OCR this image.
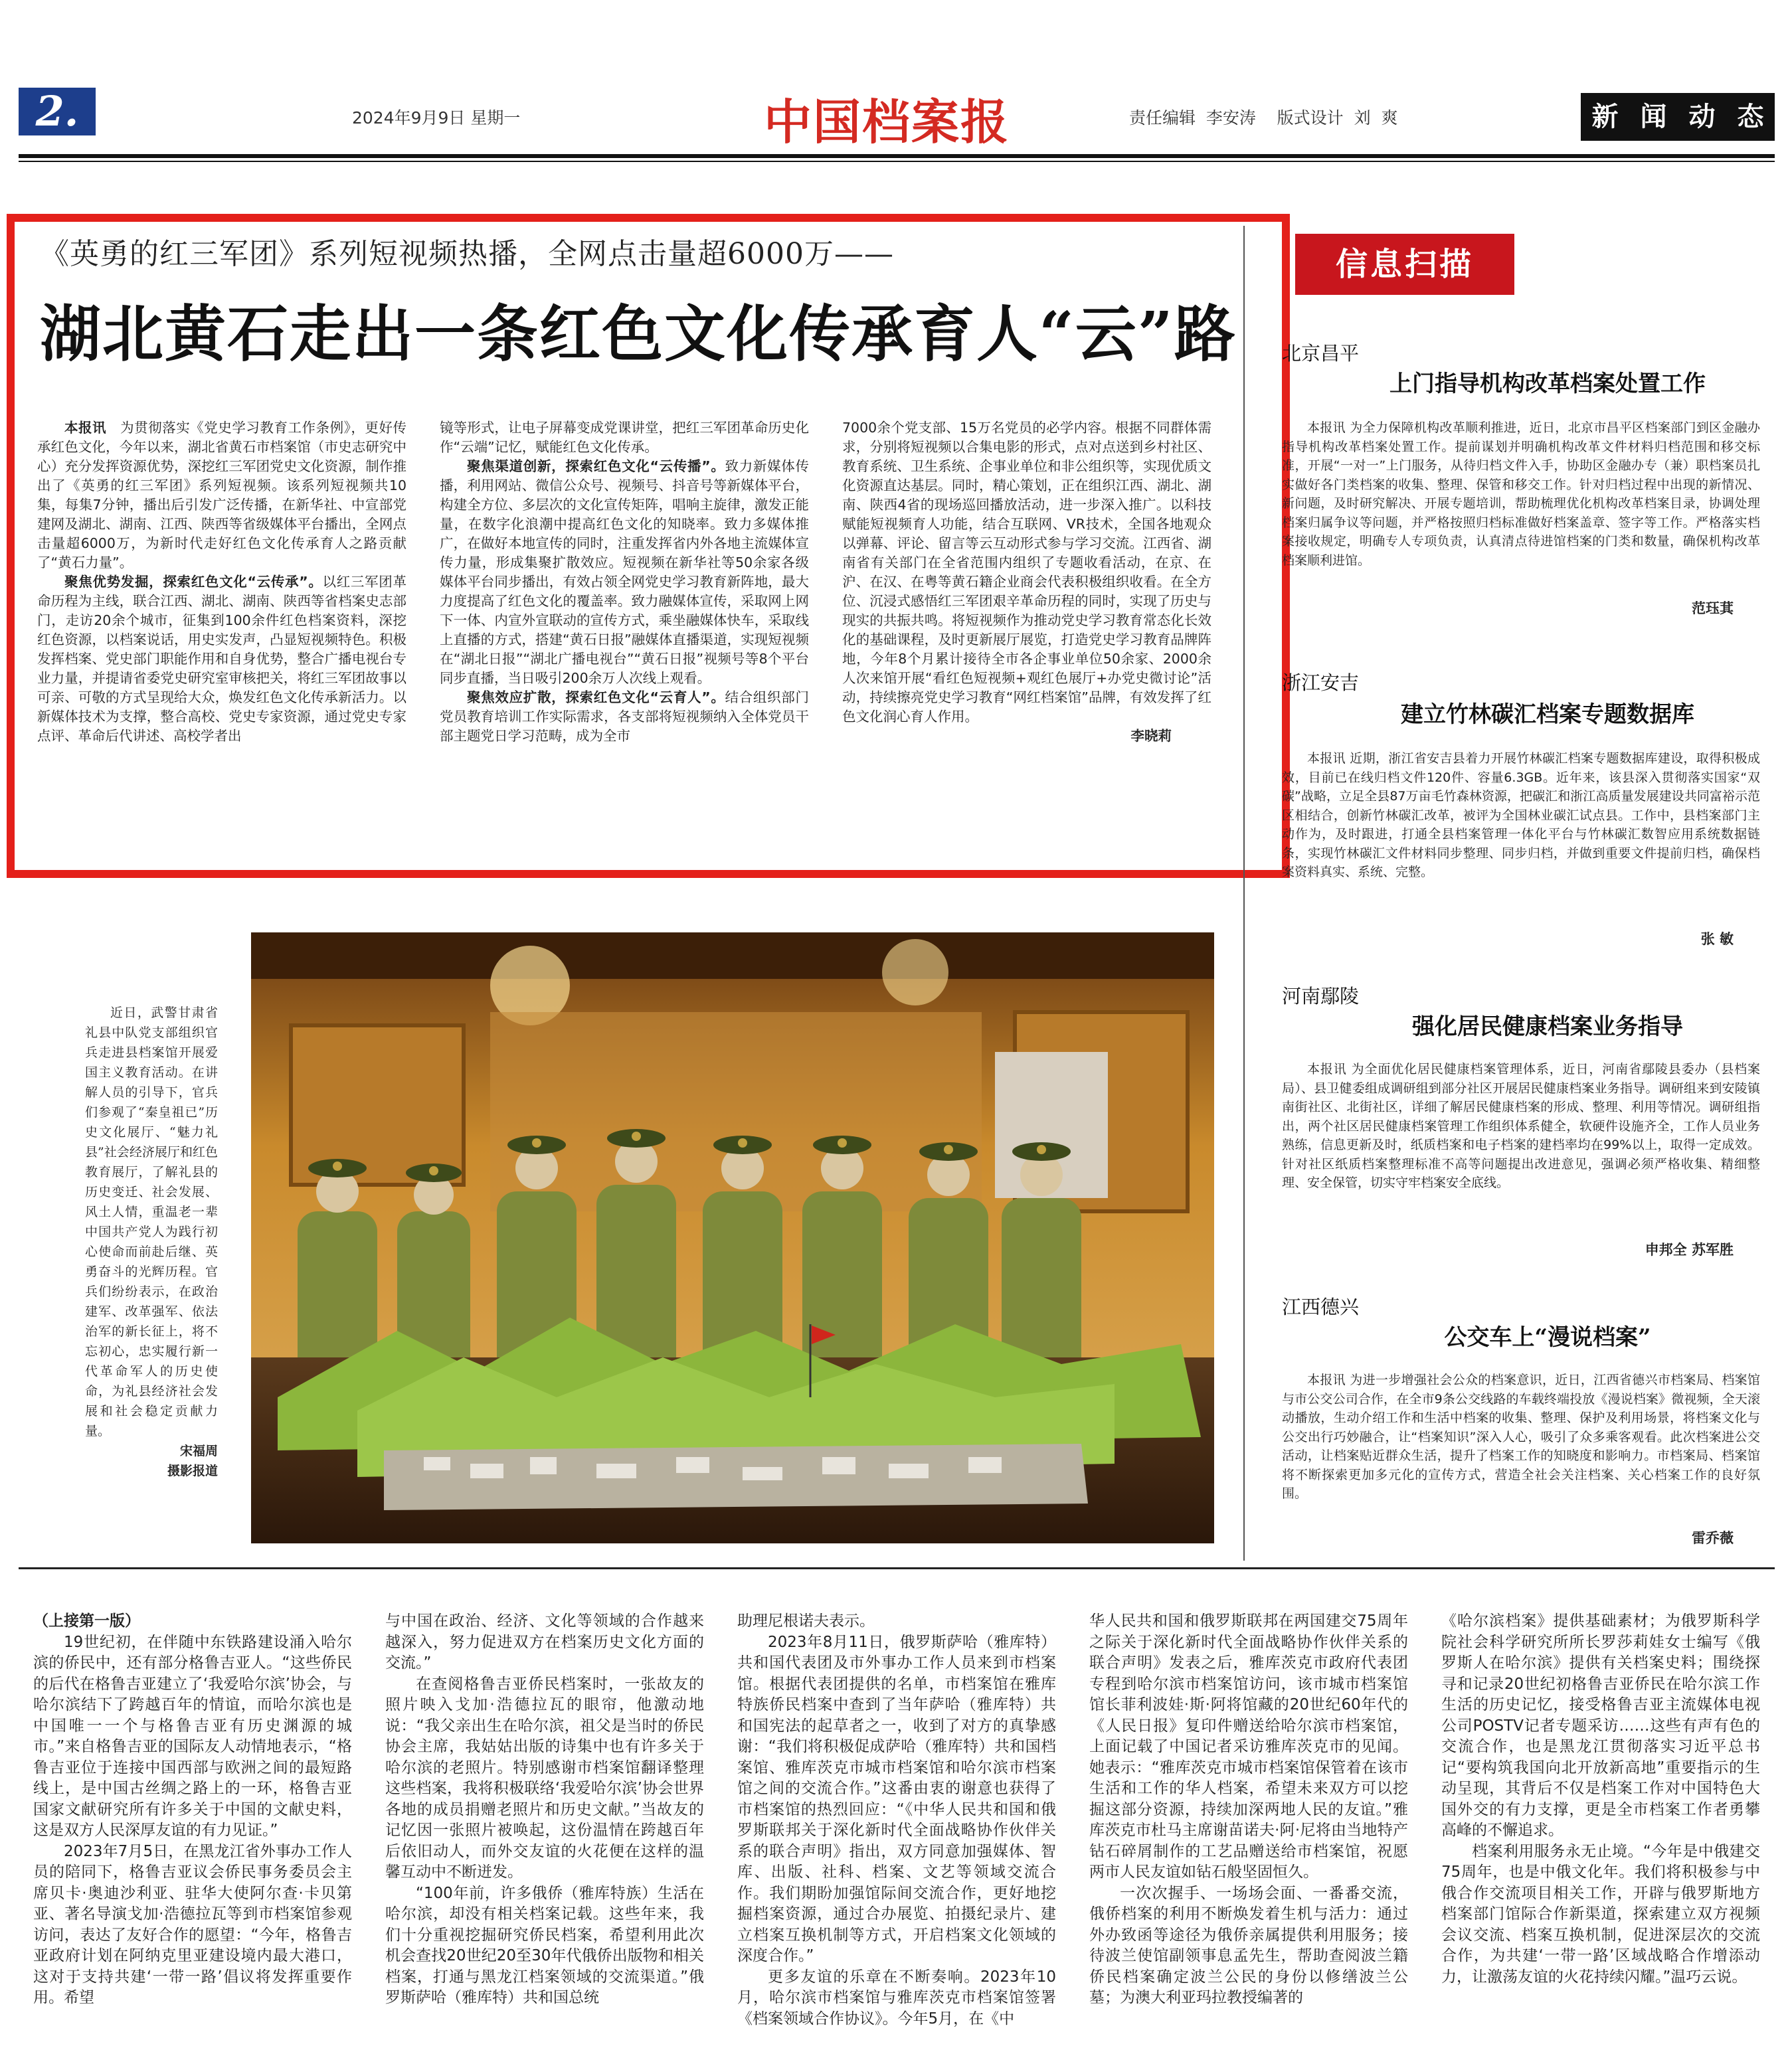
2.	2024年9月9日 星期一	中国档案报	责任编辑  李安涛    版式设计  刘  爽	新 闻 动 态
《英勇的红三军团》系列短视频热播，全网点击量超6000万——
湖北黄石走出一条红色文化传承育人“云”路

本报讯　 为贯彻落实《党史学习教育工作条例》，更好传承红色文化，今年以来，湖北省黄石市档案馆（市史志研究中心）充分发挥资源优势，深挖红三军团党史文化资源，制作推出了《英勇的红三军团》系列短视频。该系列短视频共10集，每集7分钟，播出后引发广泛传播，在新华社、中宣部党建网及湖北、湖南、江西、陕西等省级媒体平台播出，全网点击量超6000万，为新时代走好红色文化传承育人之路贡献了“黄石力量”。

聚焦优势发掘，探索红色文化“云传承”。以红三军团革命历程为主线，联合江西、湖北、湖南、陕西等省档案史志部门，走访20余个城市，征集到100余件红色档案资料，深挖红色资源，以档案说话，用史实发声，凸显短视频特色。积极发挥档案、党史部门职能作用和自身优势，整合广播电视台专业力量，并提请省委党史研究室审核把关，将红三军团故事以可亲、可敬的方式呈现给大众，焕发红色文化传承新活力。以新媒体技术为支撑，整合高校、党史专家资源，通过党史专家点评、革命后代讲述、高校学者出

镜等形式，让电子屏幕变成党课讲堂，把红三军团革命历史化作“云端”记忆，赋能红色文化传承。

聚焦渠道创新，探索红色文化“云传播”。致力新媒体传播，利用网站、微信公众号、视频号、抖音号等新媒体平台，构建全方位、多层次的文化宣传矩阵，唱响主旋律，激发正能量，在数字化浪潮中提高红色文化的知晓率。致力多媒体推广，在做好本地宣传的同时，注重发挥省内外各地主流媒体宣传力量，形成集聚扩散效应。短视频在新华社等50余家各级媒体平台同步播出，有效占领全网党史学习教育新阵地，最大力度提高了红色文化的覆盖率。致力融媒体宣传，采取网上网下一体、内宣外宣联动的宣传方式，乘坐融媒体快车，采取线上直播的方式，搭建“黄石日报”融媒体直播渠道，实现短视频在“湖北日报”“湖北广播电视台”“黄石日报”视频号等8个平台同步直播，当日吸引200余万人次线上观看。

聚焦效应扩散，探索红色文化“云育人”。结合组织部门党员教育培训工作实际需求，各支部将短视频纳入全体党员干部主题党日学习范畴，成为全市

7000余个党支部、15万名党员的必学内容。根据不同群体需求，分别将短视频以合集电影的形式，点对点送到乡村社区、教育系统、卫生系统、企事业单位和非公组织等，实现优质文化资源直达基层。同时，精心策划，正在组织江西、湖北、湖南、陕西4省的现场巡回播放活动，进一步深入推广。以科技赋能短视频育人功能，结合互联网、VR技术，全国各地观众以弹幕、评论、留言等云互动形式参与学习交流。江西省、湖南省有关部门在全省范围内组织了专题收看活动，在京、在沪、在汉、在粤等黄石籍企业商会代表积极组织收看。在全方位、沉浸式感悟红三军团艰辛革命历程的同时，实现了历史与现实的共振共鸣。将短视频作为推动党史学习教育常态化长效化的基础课程，及时更新展厅展览，打造党史学习教育品牌阵地，今年8个月累计接待全市各企事业单位50余家、2000余人次来馆开展“看红色短视频+观红色展厅+办党史微讨论”活动，持续擦亮党史学习教育“网红档案馆”品牌，有效发挥了红色文化润心育人作用。

李晓莉

近日，武警甘肃省礼县中队党支部组织官兵走进县档案馆开展爱国主义教育活动。在讲解人员的引导下，官兵们参观了“秦皇祖已”历史文化展厅、“魅力礼县”社会经济展厅和红色教育展厅，了解礼县的历史变迁、社会发展、风土人情，重温老一辈中国共产党人为践行初心使命而前赴后继、英勇奋斗的光辉历程。官兵们纷纷表示，在政治建军、改革强军、依法治军的新长征上，将不忘初心，忠实履行新一代革命军人的历史使命，为礼县经济社会发展和社会稳定贡献力量。
宋福周
摄影报道
信息扫描
北京昌平
上门指导机构改革档案处置工作

本报讯 为全力保障机构改革顺利推进，近日，北京市昌平区档案部门到区金融办指导机构改革档案处置工作。提前谋划并明确机构改革文件材料归档范围和移交标准，开展“一对一”上门服务，从待归档文件入手，协助区金融办专（兼）职档案员扎实做好各门类档案的收集、整理、保管和移交工作。针对归档过程中出现的新情况、新问题，及时研究解决、开展专题培训，帮助梳理优化机构改革档案目录，协调处理档案归属争议等问题，并严格按照归档标准做好档案盖章、签字等工作。严格落实档案接收规定，明确专人专项负责，认真清点待进馆档案的门类和数量，确保机构改革档案顺利进馆。

范珏萁
浙江安吉
建立竹林碳汇档案专题数据库

本报讯 近期，浙江省安吉县着力开展竹林碳汇档案专题数据库建设，取得积极成效，目前已在线归档文件120件、容量6.3GB。近年来，该县深入贯彻落实国家“双碳”战略，立足全县87万亩毛竹森林资源，把碳汇和浙江高质量发展建设共同富裕示范区相结合，创新竹林碳汇改革，被评为全国林业碳汇试点县。工作中，县档案部门主动作为，及时跟进，打通全县档案管理一体化平台与竹林碳汇数智应用系统数据链条，实现竹林碳汇文件材料同步整理、同步归档，并做到重要文件提前归档，确保档案资料真实、系统、完整。

张 敏
河南鄢陵
强化居民健康档案业务指导

本报讯 为全面优化居民健康档案管理体系，近日，河南省鄢陵县委办（县档案局）、县卫健委组成调研组到部分社区开展居民健康档案业务指导。调研组来到安陵镇南街社区、北街社区，详细了解居民健康档案的形成、整理、利用等情况。调研组指出，两个社区居民健康档案管理工作组织体系健全，软硬件设施齐全，工作人员业务熟练，信息更新及时，纸质档案和电子档案的建档率均在99%以上，取得一定成效。针对社区纸质档案整理标准不高等问题提出改进意见，强调必须严格收集、精细整理、安全保管，切实守牢档案安全底线。

申邦全 苏军胜
江西德兴
公交车上“漫说档案”

本报讯 为进一步增强社会公众的档案意识，近日，江西省德兴市档案局、档案馆与市公交公司合作，在全市9条公交线路的车载终端投放《漫说档案》微视频，全天滚动播放，生动介绍工作和生活中档案的收集、整理、保护及利用场景，将档案文化与公交出行巧妙融合，让“档案知识”深入人心，吸引了众多乘客观看。此次档案进公交活动，让档案贴近群众生活，提升了档案工作的知晓度和影响力。市档案局、档案馆将不断探索更加多元化的宣传方式，营造全社会关注档案、关心档案工作的良好氛围。

雷乔薇

（上接第一版）

19世纪初，在伴随中东铁路建设涌入哈尔滨的侨民中，还有部分格鲁吉亚人。“这些侨民的后代在格鲁吉亚建立了‘我爱哈尔滨’协会，与哈尔滨结下了跨越百年的情谊，而哈尔滨也是中国唯一一个与格鲁吉亚有历史渊源的城市。”来自格鲁吉亚的国际友人动情地表示，“格鲁吉亚位于连接中国西部与欧洲之间的最短路线上，是中国古丝绸之路上的一环，格鲁吉亚国家文献研究所有许多关于中国的文献史料，这是双方人民深厚友谊的有力见证。”

2023年7月5日，在黑龙江省外事办工作人员的陪同下，格鲁吉亚议会侨民事务委员会主席贝卡·奥迪沙利亚、驻华大使阿尔查·卡贝第亚、著名导演戈加·浩德拉瓦等到市档案馆参观访问，表达了友好合作的愿望：“今年，格鲁吉亚政府计划在阿纳克里亚建设境内最大港口，这对于支持共建‘一带一路’倡议将发挥重要作用。希望

与中国在政治、经济、文化等领域的合作越来越深入，努力促进双方在档案历史文化方面的交流。”

在查阅格鲁吉亚侨民档案时，一张故友的照片映入戈加·浩德拉瓦的眼帘，他激动地说：“我父亲出生在哈尔滨，祖父是当时的侨民协会主席，我姑姑出版的诗集中也有许多关于哈尔滨的老照片。特别感谢市档案馆翻译整理这些档案，我将积极联络‘我爱哈尔滨’协会世界各地的成员捐赠老照片和历史文献。”当故友的记忆因一张照片被唤起，这份温情在跨越百年后依旧动人，而外交友谊的火花便在这样的温馨互动中不断迸发。

“100年前，许多俄侨（雅库特族）生活在哈尔滨，却没有相关档案记载。这些年来，我们十分重视挖掘研究侨民档案，希望利用此次机会查找20世纪20至30年代俄侨出版物和相关档案，打通与黑龙江档案领域的交流渠道。”俄罗斯萨哈（雅库特）共和国总统

助理尼根诺夫表示。

2023年8月11日，俄罗斯萨哈（雅库特）共和国代表团及市外事办工作人员来到市档案馆。根据代表团提供的名单，市档案馆在雅库特族侨民档案中查到了当年萨哈（雅库特）共和国宪法的起草者之一，收到了对方的真挚感谢：“我们将积极促成萨哈（雅库特）共和国档案馆、雅库茨克市城市档案馆和哈尔滨市档案馆之间的交流合作。”这番由衷的谢意也获得了市档案馆的热烈回应：“《中华人民共和国和俄罗斯联邦关于深化新时代全面战略协作伙伴关系的联合声明》指出，双方同意加强媒体、智库、出版、社科、档案、文艺等领域交流合作。我们期盼加强馆际间交流合作，更好地挖掘档案资源，通过合办展览、拍摄纪录片、建立档案互换机制等方式，开启档案文化领域的深度合作。”

更多友谊的乐章在不断奏响。2023年10月，哈尔滨市档案馆与雅库茨克市档案馆签署《档案领域合作协议》。今年5月，在《中

华人民共和国和俄罗斯联邦在两国建交75周年之际关于深化新时代全面战略协作伙伴关系的联合声明》发表之后，雅库茨克市政府代表团专程到哈尔滨市档案馆访问，该市城市档案馆馆长菲利波娃·斯·阿将馆藏的20世纪60年代的《人民日报》复印件赠送给哈尔滨市档案馆，上面记载了中国记者采访雅库茨克市的见闻。她表示：“雅库茨克市城市档案馆保管着在该市生活和工作的华人档案，希望未来双方可以挖掘这部分资源，持续加深两地人民的友谊。”雅库茨克市杜马主席谢苗诺夫·阿·尼将由当地特产钻石碎屑制作的工艺品赠送给市档案馆，祝愿两市人民友谊如钻石般坚固恒久。

一次次握手、一场场会面、一番番交流，俄侨档案的利用不断焕发着生机与活力：通过外办致函等途径为俄侨亲属提供利用服务；接待波兰使馆副领事息孟先生，帮助查阅波兰籍侨民档案确定波兰公民的身份以修缮波兰公墓；为澳大利亚玛拉教授编著的

《哈尔滨档案》提供基础素材；为俄罗斯科学院社会科学研究所所长罗莎莉娃女士编写《俄罗斯人在哈尔滨》提供有关档案史料；围绕探寻和记录20世纪初格鲁吉亚侨民在哈尔滨工作生活的历史记忆，接受格鲁吉亚主流媒体电视公司POSTV记者专题采访……这些有声有色的交流合作，也是黑龙江贯彻落实习近平总书记“要构筑我国向北开放新高地”重要指示的生动呈现，其背后不仅是档案工作对中国特色大国外交的有力支撑，更是全市档案工作者勇攀高峰的不懈追求。

档案利用服务永无止境。“今年是中俄建交75周年，也是中俄文化年。我们将积极参与中俄合作交流项目相关工作，开辟与俄罗斯地方档案部门馆际合作新渠道，探索建立双方视频会议交流、档案互换机制，促进深层次的交流合作，为共建‘一带一路’区域战略合作增添动力，让激荡友谊的火花持续闪耀。”温巧云说。
